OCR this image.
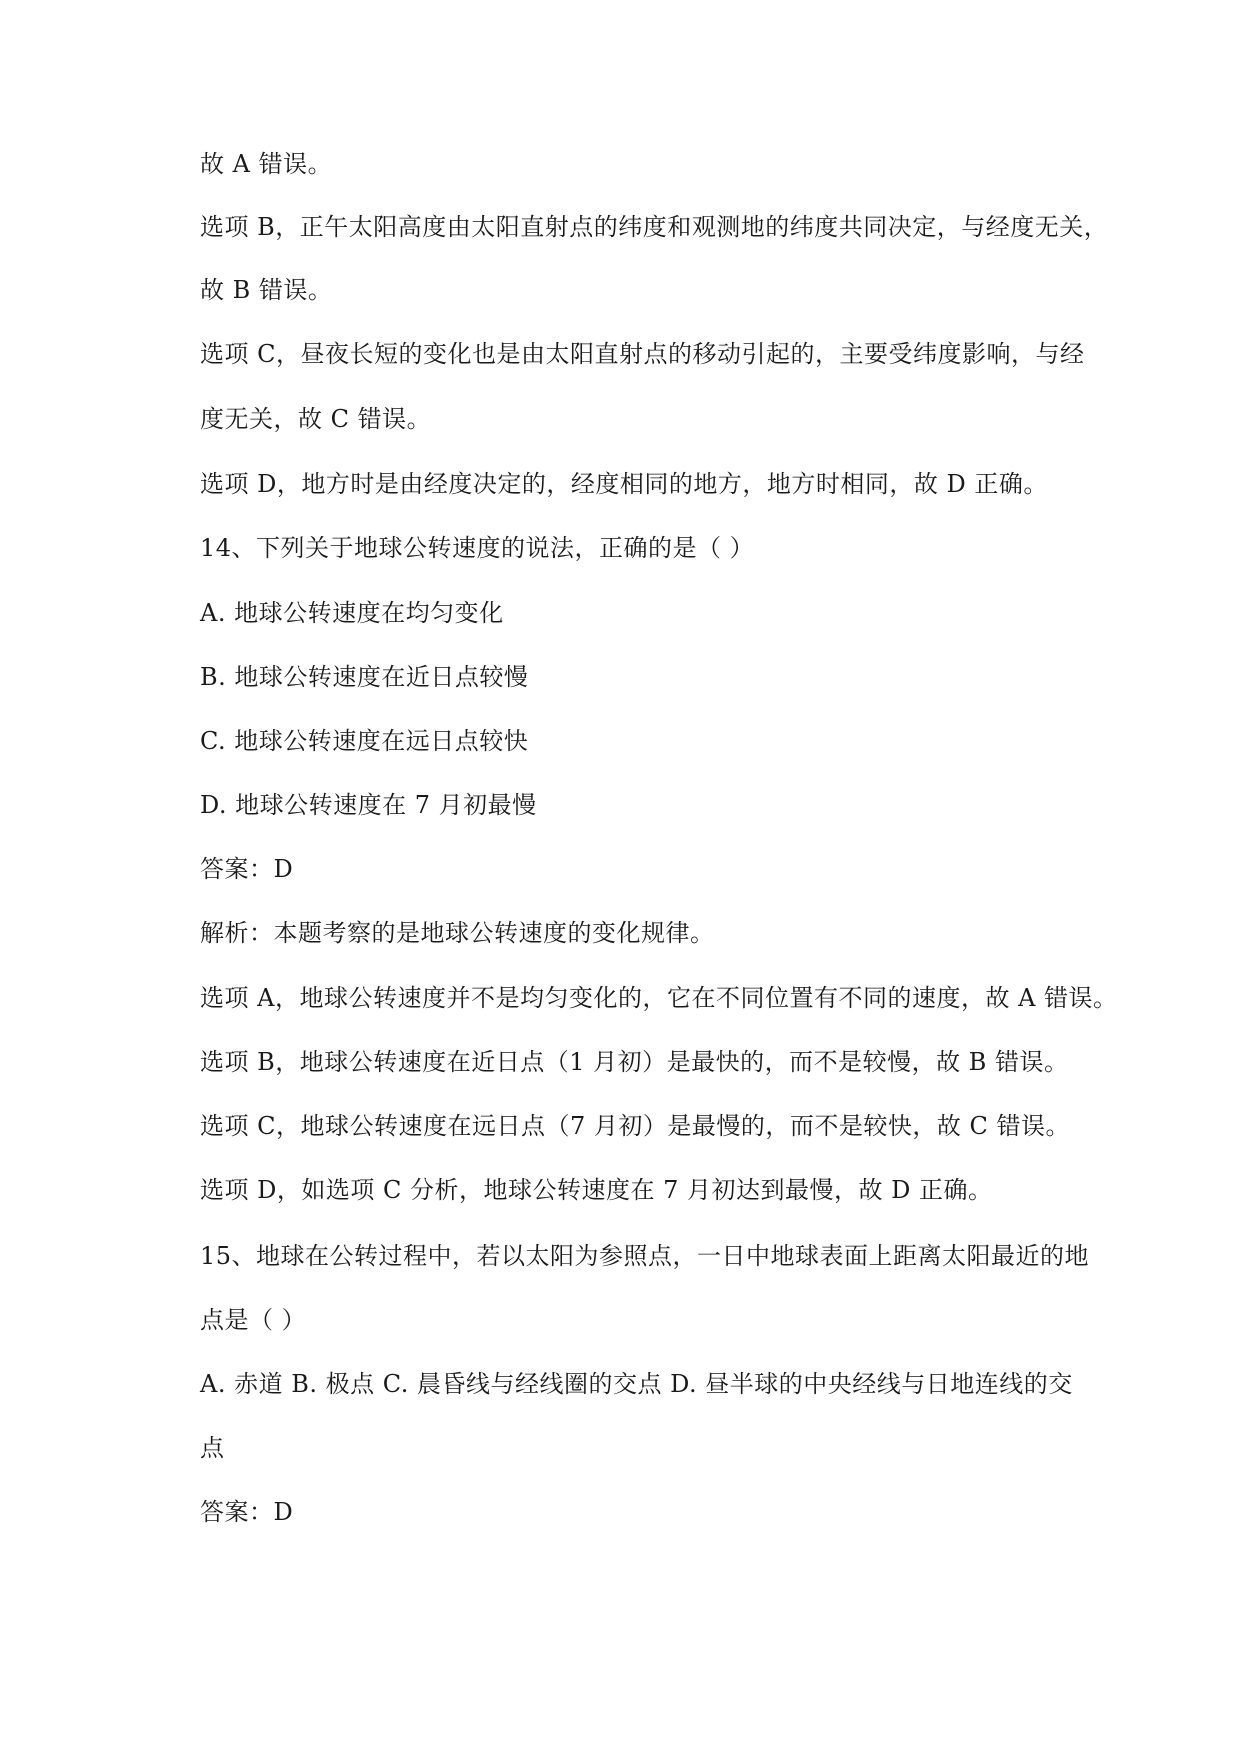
故 A 错误。
选项 B，正午太阳高度由太阳直射点的纬度和观测地的纬度共同决定，与经度无关，
故 B 错误。
选项 C，昼夜长短的变化也是由太阳直射点的移动引起的，主要受纬度影响，与经
度无关，故 C 错误。
选项 D，地方时是由经度决定的，经度相同的地方，地方时相同，故 D 正确。
14、下列关于地球公转速度的说法，正确的是（ ）
A. 地球公转速度在均匀变化
B. 地球公转速度在近日点较慢
C. 地球公转速度在远日点较快
D. 地球公转速度在 7 月初最慢
答案：D
解析：本题考察的是地球公转速度的变化规律。
选项 A，地球公转速度并不是均匀变化的，它在不同位置有不同的速度，故 A 错误。
选项 B，地球公转速度在近日点（1 月初）是最快的，而不是较慢，故 B 错误。
选项 C，地球公转速度在远日点（7 月初）是最慢的，而不是较快，故 C 错误。
选项 D，如选项 C 分析，地球公转速度在 7 月初达到最慢，故 D 正确。
15、地球在公转过程中，若以太阳为参照点，一日中地球表面上距离太阳最近的地
点是（ ）
A. 赤道 B. 极点 C. 晨昏线与经线圈的交点 D. 昼半球的中央经线与日地连线的交
点
答案：D
